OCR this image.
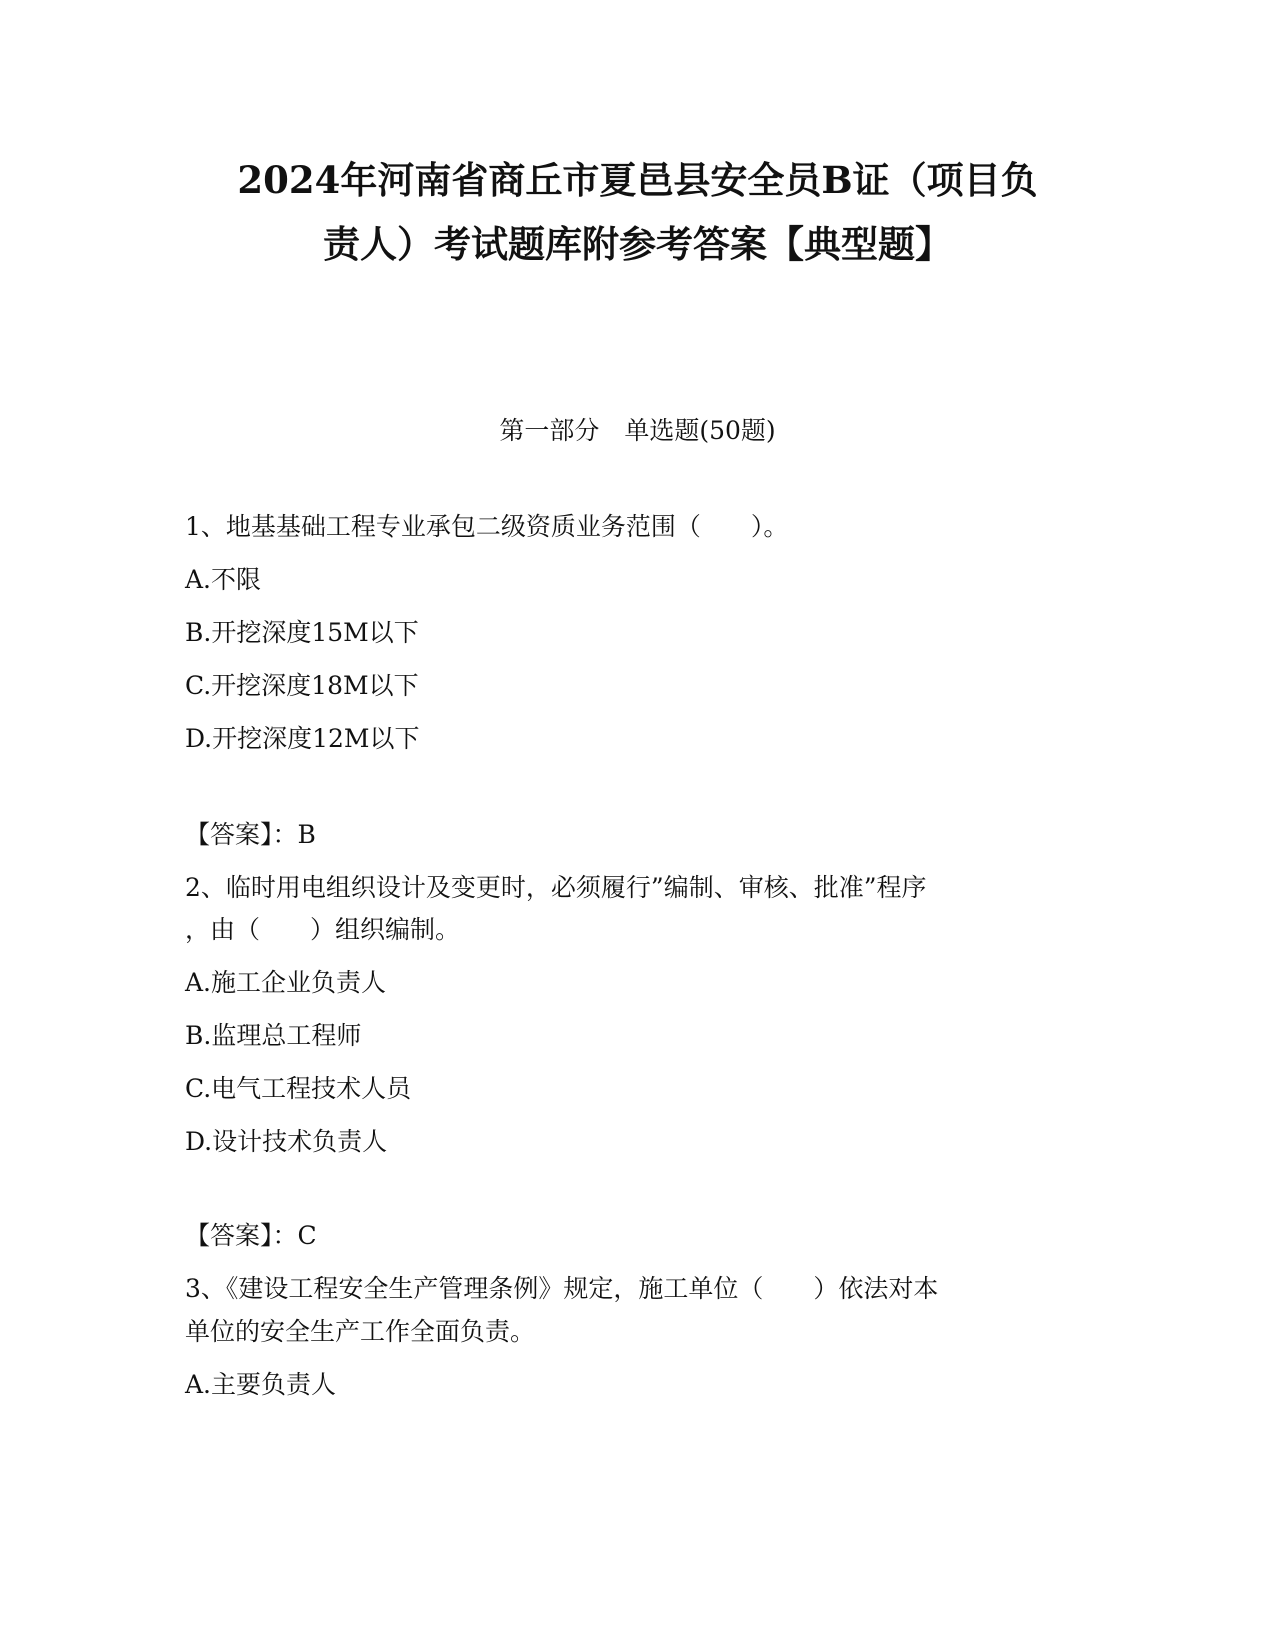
2024年河南省商丘市夏邑县安全员B证（项目负
责人）考试题库附参考答案【典型题】
第一部分　单选题(50题)
1、地基基础工程专业承包二级资质业务范围（　　）。
A.不限
B.开挖深度15M以下
C.开挖深度18M以下
D.开挖深度12M以下
【答案】：B
2、临时用电组织设计及变更时，必须履行”编制、审核、批准”程序
，由（　　）组织编制。
A.施工企业负责人
B.监理总工程师
C.电气工程技术人员
D.设计技术负责人
【答案】：C
3、《建设工程安全生产管理条例》规定，施工单位（　　）依法对本
单位的安全生产工作全面负责。
A.主要负责人
